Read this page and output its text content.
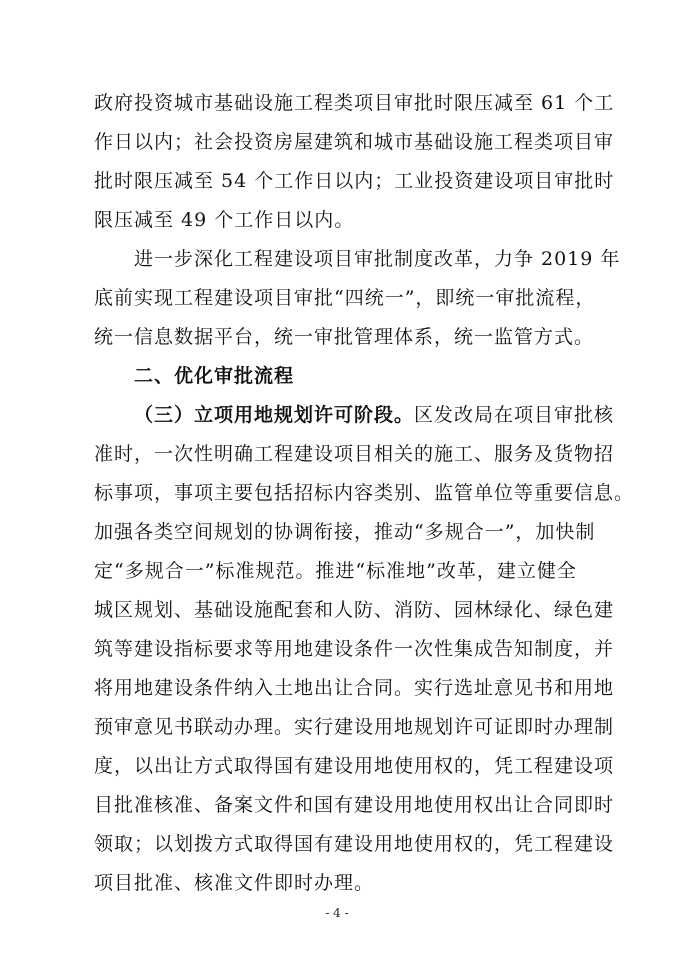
政府投资城市基础设施工程类项目审批时限压减至 61 个工
作日以内；社会投资房屋建筑和城市基础设施工程类项目审
批时限压减至 54 个工作日以内；工业投资建设项目审批时
限压减至 49 个工作日以内。
进一步深化工程建设项目审批制度改革，力争 2019 年
底前实现工程建设项目审批“四统一”，即统一审批流程，
统一信息数据平台，统一审批管理体系，统一监管方式。
二、优化审批流程
（三）立项用地规划许可阶段。区发改局在项目审批核
准时，一次性明确工程建设项目相关的施工、服务及货物招
标事项，事项主要包括招标内容类别、监管单位等重要信息。
加强各类空间规划的协调衔接，推动“多规合一”，加快制
定“多规合一”标准规范。推进“标准地”改革，建立健全
城区规划、基础设施配套和人防、消防、园林绿化、绿色建
筑等建设指标要求等用地建设条件一次性集成告知制度，并
将用地建设条件纳入土地出让合同。实行选址意见书和用地
预审意见书联动办理。实行建设用地规划许可证即时办理制
度，以出让方式取得国有建设用地使用权的，凭工程建设项
目批准核准、备案文件和国有建设用地使用权出让合同即时
领取；以划拨方式取得国有建设用地使用权的，凭工程建设
项目批准、核准文件即时办理。
- 4 -
